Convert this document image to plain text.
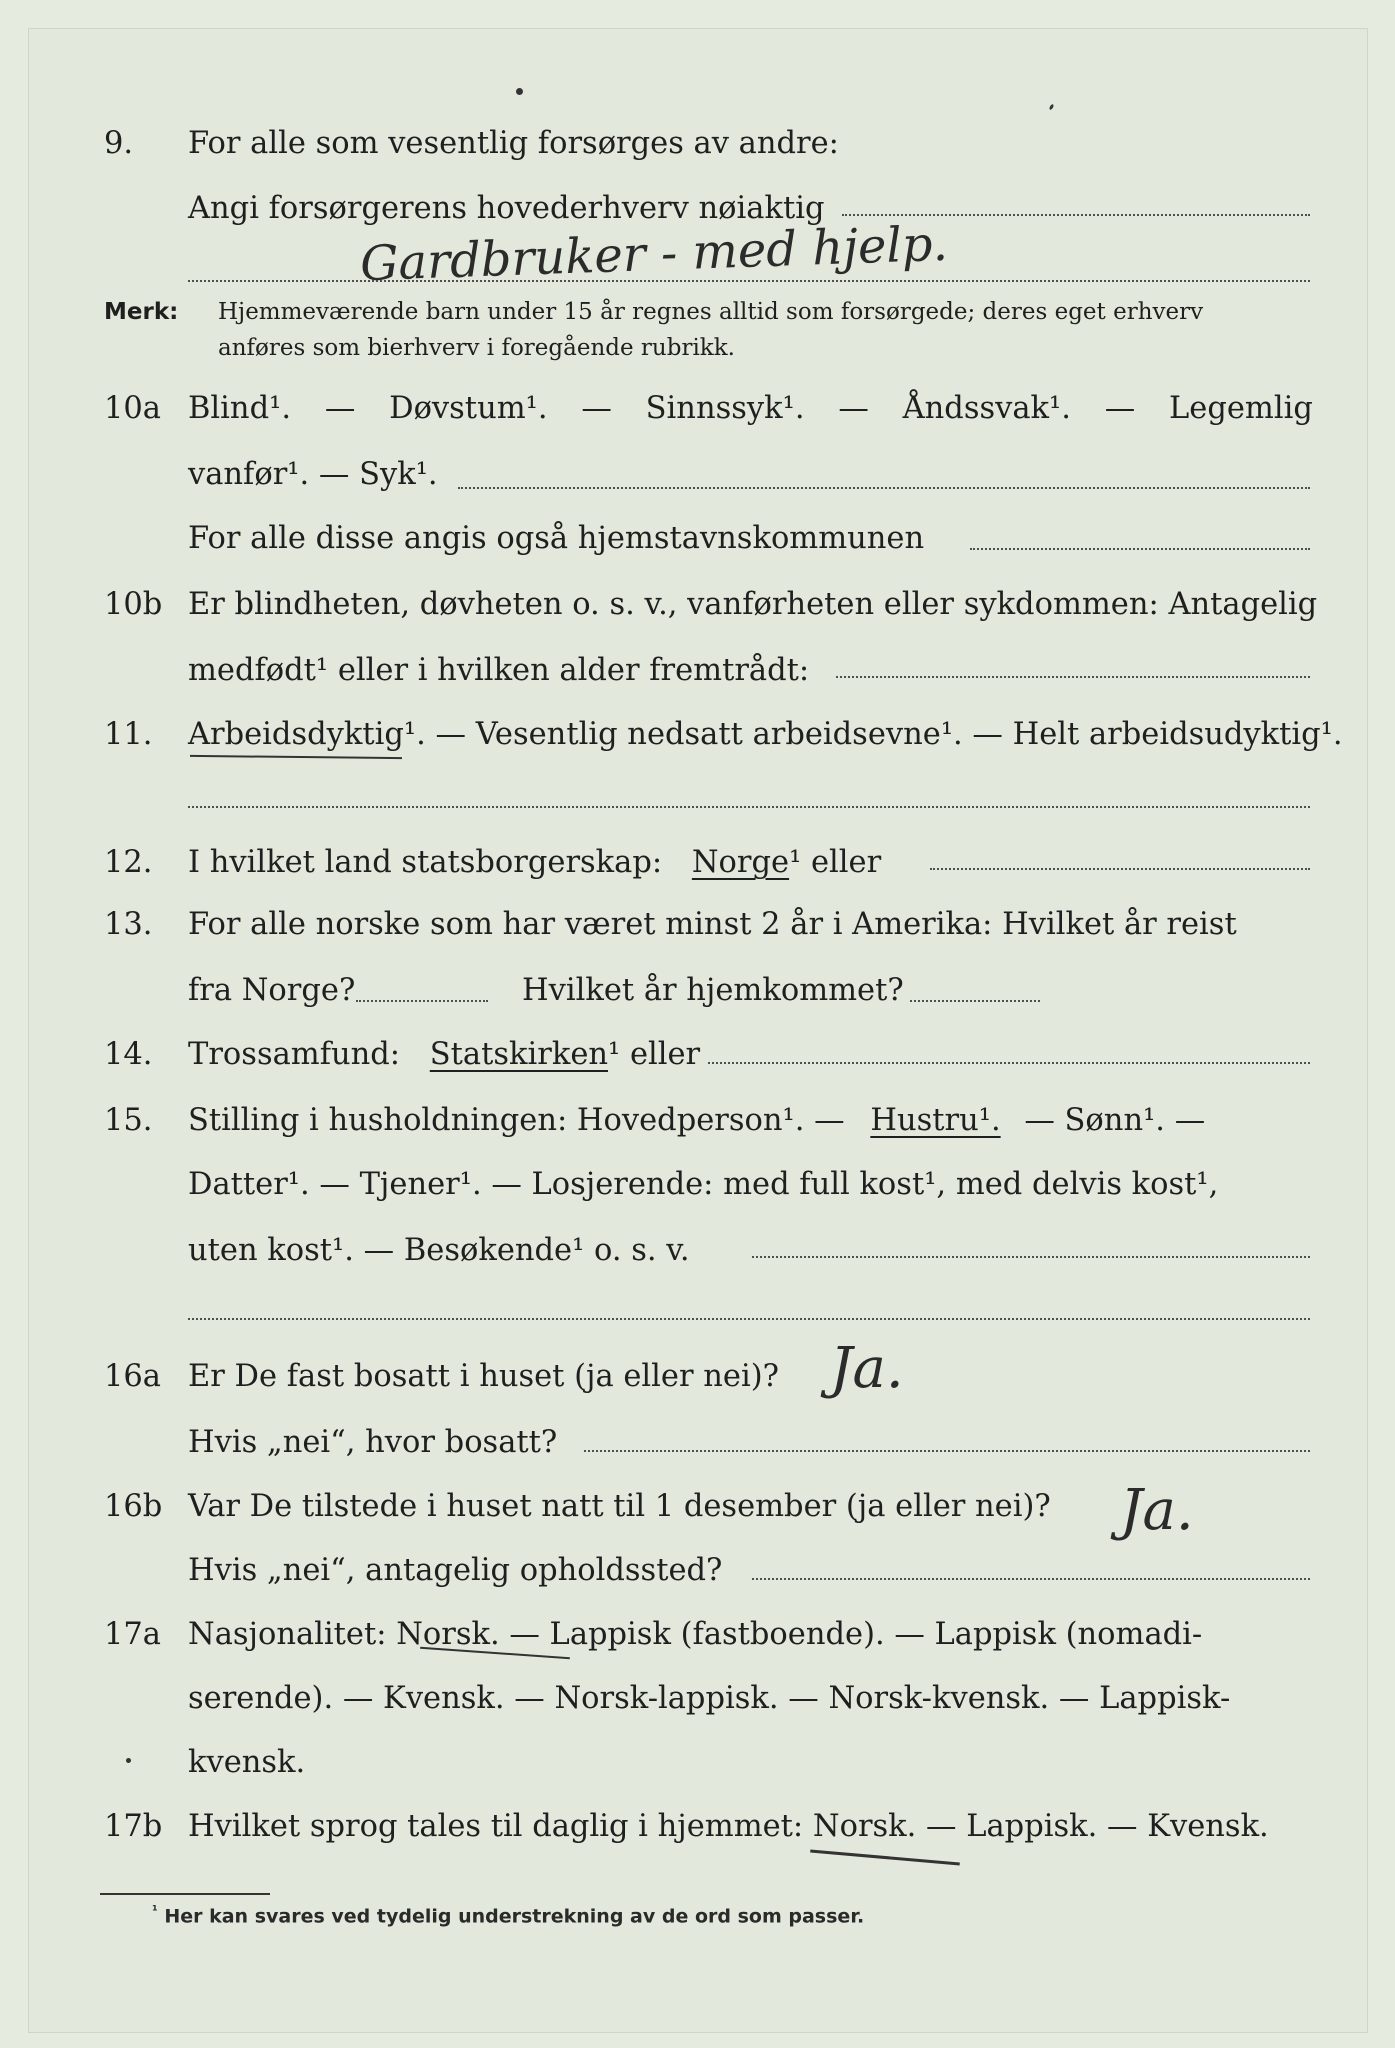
9. For alle som vesentlig forsørges av andre:
Angi forsørgerens hovederhverv nøiaktig
Gardbruker - med hjelp.
Merk: Hjemmeværende barn under 15 år regnes alltid som forsørgede; deres eget erhverv
anføres som bierhverv i foregående rubrikk.
10a Blind¹. — Døvstum¹. — Sinnssyk¹. — Åndssvak¹. — Legemlig
vanfør¹. — Syk¹.
For alle disse angis også hjemstavnskommunen
10b Er blindheten, døvheten o. s. v., vanførheten eller sykdommen: Antagelig
medfødt¹ eller i hvilken alder fremtrådt:
11. Arbeidsdyktig¹. — Vesentlig nedsatt arbeidsevne¹. — Helt arbeidsudyktig¹.
12. I hvilket land statsborgerskap: Norge¹ eller
13. For alle norske som har været minst 2 år i Amerika: Hvilket år reist
fra Norge?	Hvilket år hjemkommet?
14. Trossamfund: Statskirken¹ eller
15. Stilling i husholdningen: Hovedperson¹. — Hustru¹. — Sønn¹. —
Datter¹. — Tjener¹. — Losjerende: med full kost¹, med delvis kost¹,
uten kost¹. — Besøkende¹ o. s. v.
16a Er De fast bosatt i huset (ja eller nei)? Ja.
Hvis „nei“, hvor bosatt?
16b Var De tilstede i huset natt til 1 desember (ja eller nei)? Ja.
Hvis „nei“, antagelig opholdssted?
17a Nasjonalitet: Norsk. — Lappisk (fastboende). — Lappisk (nomadi-
serende). — Kvensk. — Norsk-lappisk. — Norsk-kvensk. — Lappisk-
kvensk.
17b Hvilket sprog tales til daglig i hjemmet: Norsk. — Lappisk. — Kvensk.
$^{^1}$ Her kan svares ved tydelig understrekning av de ord som passer.
